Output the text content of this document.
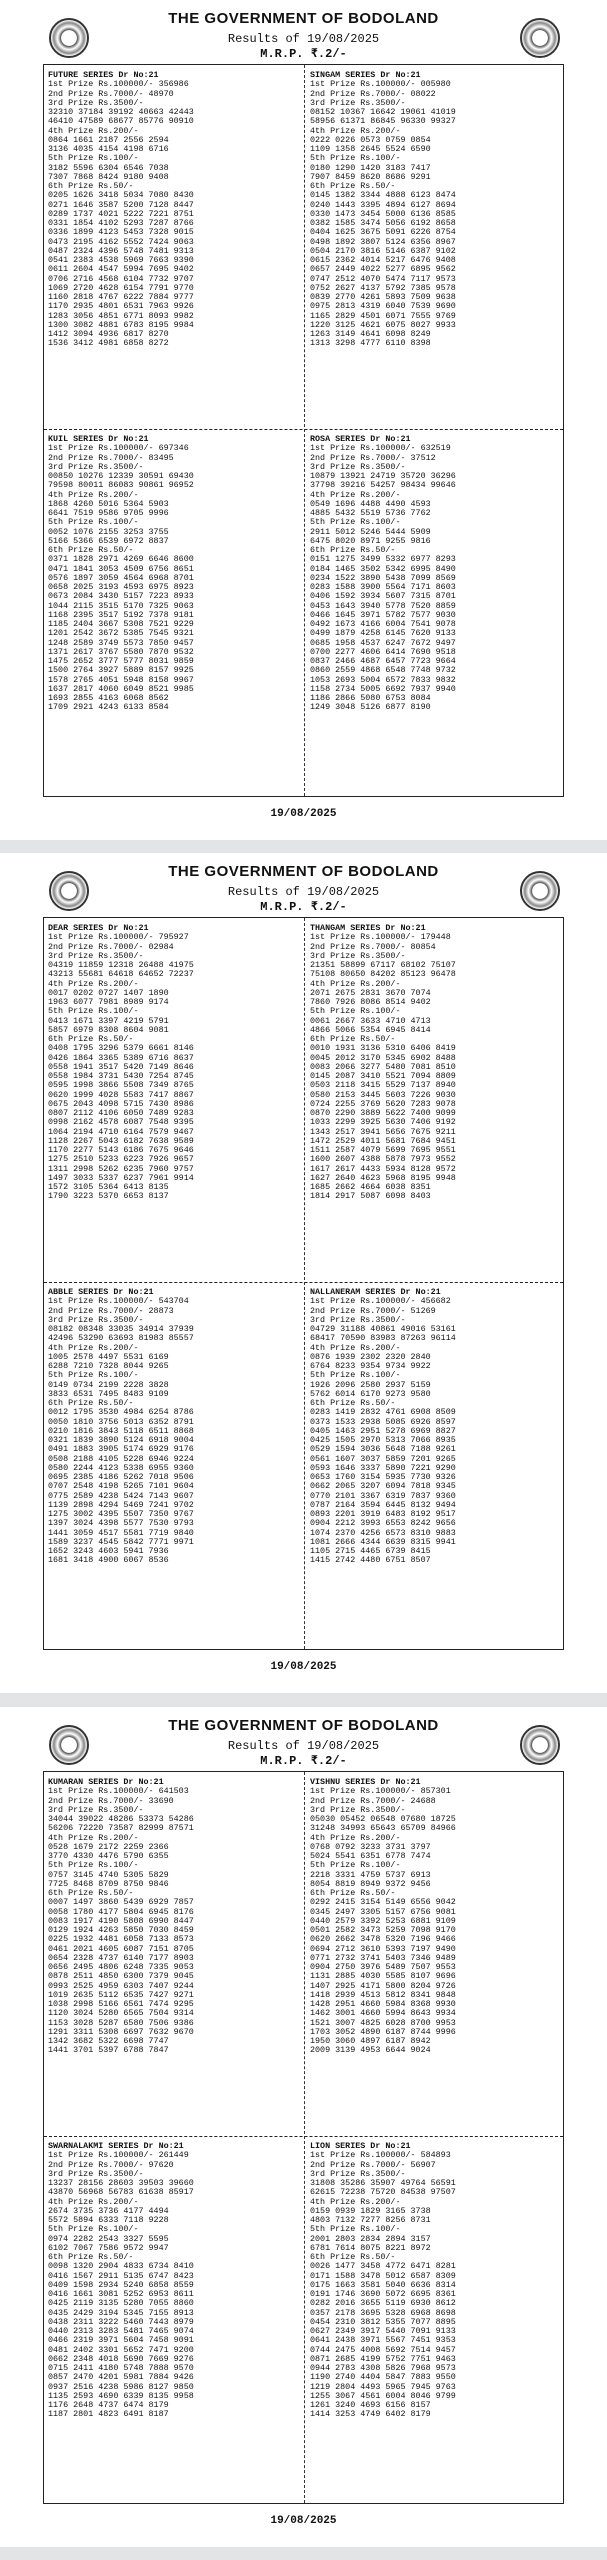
THE GOVERNMENT OF BODOLAND
Results of 19/08/2025
M.R.P. ₹.2/-
FUTURE SERIES Dr No:21
1st Prize Rs.100000/- 356986
2nd Prize Rs.7000/- 48970
3rd Prize Rs.3500/-
32310 37184 39192 40663 42443
46410 47589 68677 85776 90910
4th Prize Rs.200/-
0864 1661 2187 2556 2594
3136 4035 4154 4198 6716
5th Prize Rs.100/-
3182 5596 6304 6546 7038
7307 7868 8424 9180 9408
6th Prize Rs.50/-
0205 1626 3418 5034 7080 8430
0271 1646 3587 5200 7128 8447
0289 1737 4021 5222 7221 8751
0331 1854 4102 5293 7287 8766
0336 1899 4123 5453 7328 9015
0473 2195 4162 5552 7424 9063
0487 2324 4396 5748 7481 9313
0541 2383 4538 5969 7663 9390
0611 2604 4547 5994 7695 9402
0706 2716 4568 6104 7732 9707
1069 2720 4628 6154 7791 9770
1160 2818 4767 6222 7884 9777
1170 2935 4801 6531 7963 9926
1283 3056 4851 6771 8093 9982
1300 3082 4881 6783 8195 9984
1412 3094 4936 6817 8270
1536 3412 4981 6858 8272
SINGAM SERIES Dr No:21
1st Prize Rs.100000/- 005980
2nd Prize Rs.7000/- 08022
3rd Prize Rs.3500/-
08152 10367 16642 19061 41019
58956 61371 86845 96330 99327
4th Prize Rs.200/-
0222 0226 0573 0759 0854
1109 1358 2645 5524 6590
5th Prize Rs.100/-
0180 1290 1420 3183 7417
7907 8459 8620 8686 9291
6th Prize Rs.50/-
0145 1382 3344 4888 6123 8474
0240 1443 3395 4894 6127 8694
0330 1473 3454 5000 6136 8585
0382 1585 3474 5056 6192 8658
0404 1625 3675 5091 6226 8754
0498 1892 3807 5124 6356 8967
0504 2170 3816 5146 6387 9102
0615 2362 4014 5217 6476 9408
0657 2449 4022 5277 6895 9562
0747 2512 4070 5474 7117 9573
0752 2627 4137 5792 7385 9578
0839 2770 4261 5893 7509 9638
0975 2813 4319 6040 7539 9690
1165 2829 4501 6071 7555 9769
1220 3125 4621 6075 8027 9933
1263 3149 4641 6098 8249
1313 3298 4777 6110 8398
KUIL SERIES Dr No:21
1st Prize Rs.100000/- 697346
2nd Prize Rs.7000/- 83495
3rd Prize Rs.3500/-
00850 10276 12339 30591 69430
79598 80011 86083 90861 96952
4th Prize Rs.200/-
1868 4260 5016 5364 5903
6641 7519 9586 9705 9996
5th Prize Rs.100/-
0052 1076 2155 3253 3755
5166 5366 6539 6972 8837
6th Prize Rs.50/-
0371 1828 2971 4269 6646 8600
0471 1841 3053 4509 6756 8651
0576 1897 3059 4564 6968 8701
0658 2025 3193 4593 6975 8923
0673 2084 3430 5157 7223 8933
1044 2115 3515 5170 7325 9063
1168 2395 3517 5192 7378 9181
1185 2404 3667 5308 7521 9229
1201 2542 3672 5385 7545 9321
1248 2589 3749 5573 7850 9457
1371 2617 3767 5580 7870 9532
1475 2652 3777 5777 8031 9859
1500 2764 3927 5889 8157 9925
1578 2765 4051 5948 8158 9967
1637 2817 4060 6049 8521 9985
1693 2855 4163 6068 8562
1709 2921 4243 6133 8584
ROSA SERIES Dr No:21
1st Prize Rs.100000/- 632519
2nd Prize Rs.7000/- 37512
3rd Prize Rs.3500/-
10879 13921 24719 35720 36296
37798 39216 54257 98434 99646
4th Prize Rs.200/-
0549 1696 4488 4490 4593
4885 5432 5519 5736 7762
5th Prize Rs.100/-
2911 5012 5246 5444 5909
6475 8020 8971 9255 9816
6th Prize Rs.50/-
0151 1275 3499 5332 6977 8293
0184 1465 3502 5342 6995 8490
0234 1522 3890 5438 7099 8569
0283 1588 3900 5564 7171 8603
0406 1592 3934 5607 7315 8701
0453 1643 3940 5778 7520 8859
0466 1645 3971 5782 7577 9030
0492 1673 4166 6004 7541 9078
0499 1879 4258 6145 7620 9133
0685 1958 4537 6247 7672 9497
0700 2277 4606 6414 7690 9518
0837 2466 4687 6457 7723 9664
0860 2559 4868 6548 7748 9732
1053 2693 5004 6572 7833 9832
1158 2734 5005 6692 7937 9940
1186 2866 5080 6753 8084
1249 3048 5126 6877 8190
19/08/2025
THE GOVERNMENT OF BODOLAND
Results of 19/08/2025
M.R.P. ₹.2/-
DEAR SERIES Dr No:21
1st Prize Rs.100000/- 795927
2nd Prize Rs.7000/- 02984
3rd Prize Rs.3500/-
04319 11859 12318 26488 41975
43213 55681 64618 64652 72237
4th Prize Rs.200/-
0017 0202 0727 1407 1890
1963 6077 7981 8989 9174
5th Prize Rs.100/-
0413 1671 3397 4219 5791
5857 6979 8308 8604 9081
6th Prize Rs.50/-
0408 1795 3296 5379 6661 8146
0426 1864 3365 5389 6716 8637
0558 1941 3517 5420 7149 8646
0558 1984 3731 5430 7254 8745
0595 1998 3866 5508 7349 8765
0620 1999 4028 5583 7417 8867
0675 2043 4098 5715 7430 8986
0807 2112 4106 6050 7489 9283
0998 2162 4578 6087 7548 9395
1064 2194 4710 6164 7579 9467
1128 2267 5043 6182 7638 9589
1170 2277 5143 6186 7675 9646
1275 2510 5233 6223 7926 9657
1311 2998 5262 6235 7960 9757
1497 3033 5337 6237 7961 9914
1572 3105 5364 6413 8135
1790 3223 5370 6653 8137
THANGAM SERIES Dr No:21
1st Prize Rs.100000/- 179448
2nd Prize Rs.7000/- 80854
3rd Prize Rs.3500/-
21351 58899 67117 68102 75107
75108 80650 84202 85123 96478
4th Prize Rs.200/-
2071 2675 2831 3670 7074
7860 7926 8086 8514 9402
5th Prize Rs.100/-
0061 2667 3633 4710 4713
4866 5066 5354 6945 8414
6th Prize Rs.50/-
0010 1931 3136 5310 6406 8419
0045 2012 3170 5345 6902 8488
0083 2066 3277 5480 7081 8510
0145 2087 3410 5521 7094 8809
0503 2118 3415 5529 7137 8940
0580 2153 3445 5603 7226 9030
0724 2255 3769 5620 7283 9078
0870 2290 3889 5622 7400 9099
1033 2299 3925 5630 7406 9192
1343 2517 3941 5656 7675 9211
1472 2529 4011 5681 7684 9451
1511 2587 4079 5699 7695 9551
1600 2607 4388 5878 7973 9552
1617 2617 4433 5934 8128 9572
1627 2640 4623 5968 8195 9948
1685 2662 4664 6038 8351
1814 2917 5087 6098 8403
ABBLE SERIES Dr No:21
1st Prize Rs.100000/- 543704
2nd Prize Rs.7000/- 28873
3rd Prize Rs.3500/-
08182 08348 33035 34914 37939
42496 53290 63693 81983 85557
4th Prize Rs.200/-
1005 2578 4497 5531 6169
6288 7210 7328 8044 9265
5th Prize Rs.100/-
0149 0734 2199 2228 3828
3833 6531 7495 8483 9109
6th Prize Rs.50/-
0012 1795 3530 4984 6254 8786
0050 1810 3756 5013 6352 8791
0210 1816 3843 5118 6511 8868
0321 1839 3890 5124 6918 9004
0491 1883 3905 5174 6929 9176
0508 2188 4105 5228 6946 9224
0580 2244 4123 5338 6955 9360
0695 2385 4186 5262 7018 9506
0707 2548 4198 5265 7101 9604
0775 2589 4238 5424 7143 9607
1139 2898 4294 5469 7241 9702
1275 3002 4395 5507 7350 9767
1397 3024 4398 5577 7530 9793
1441 3059 4517 5581 7719 9840
1589 3237 4545 5842 7771 9971
1652 3243 4603 5941 7936
1681 3418 4900 6067 8536
NALLANERAM SERIES Dr No:21
1st Prize Rs.100000/- 456682
2nd Prize Rs.7000/- 51269
3rd Prize Rs.3500/-
04729 31188 40861 49016 53161
68417 70590 83983 87263 96114
4th Prize Rs.200/-
0876 1939 2302 2320 2840
6764 8233 9354 9734 9922
5th Prize Rs.100/-
1926 2096 2580 2937 5159
5762 6014 6170 9273 9580
6th Prize Rs.50/-
0283 1419 2832 4761 6908 8509
0373 1533 2938 5085 6926 8597
0405 1463 2951 5278 6969 8827
0425 1505 2970 5313 7066 8935
0529 1594 3036 5648 7188 9261
0561 1607 3037 5859 7201 9265
0593 1646 3337 5890 7221 9290
0653 1760 3154 5935 7730 9326
0662 2065 3207 6094 7818 9345
0770 2101 3367 6319 7837 9360
0787 2164 3594 6445 8132 9494
0893 2201 3919 6483 8192 9517
0904 2212 3993 6553 8242 9656
1074 2370 4256 6573 8310 9883
1081 2666 4344 6639 8315 9941
1105 2715 4465 6739 8415
1415 2742 4480 6751 8507
19/08/2025
THE GOVERNMENT OF BODOLAND
Results of 19/08/2025
M.R.P. ₹.2/-
KUMARAN SERIES Dr No:21
1st Prize Rs.100000/- 641503
2nd Prize Rs.7000/- 33690
3rd Prize Rs.3500/-
34044 39022 48286 53373 54286
56206 72220 73587 82999 87571
4th Prize Rs.200/-
0528 1679 2172 2259 2366
3770 4330 4476 5790 6355
5th Prize Rs.100/-
0757 3145 4740 5305 5829
7725 8468 8709 8750 9846
6th Prize Rs.50/-
0007 1497 3860 5439 6929 7857
0058 1780 4177 5804 6945 8176
0083 1917 4190 5808 6990 8447
0129 1924 4263 5850 7030 8459
0225 1932 4481 6058 7133 8573
0461 2021 4605 6087 7151 8705
0654 2328 4737 6140 7177 8903
0656 2495 4806 6248 7335 9053
0878 2511 4850 6300 7379 9045
0993 2525 4959 6303 7407 9244
1019 2635 5112 6535 7427 9271
1038 2998 5166 6561 7474 9295
1120 3024 5280 6565 7504 9314
1153 3028 5287 6580 7506 9386
1291 3311 5308 6697 7632 9670
1342 3682 5322 6698 7747
1441 3701 5397 6788 7847
VISHNU SERIES Dr No:21
1st Prize Rs.100000/- 857301
2nd Prize Rs.7000/- 24688
3rd Prize Rs.3500/-
05030 05452 06548 07680 18725
31248 34993 65643 65709 84966
4th Prize Rs.200/-
0768 0792 3233 3731 3797
5024 5541 6351 6778 7474
5th Prize Rs.100/-
2218 3331 4759 5737 6913
8054 8819 8949 9372 9456
6th Prize Rs.50/-
0292 2415 3154 5149 6556 9042
0345 2497 3305 5157 6756 9081
0440 2579 3392 5253 6881 9109
0501 2582 3473 5259 7098 9170
0620 2662 3478 5320 7196 9466
0694 2712 3610 5393 7197 9490
0771 2732 3741 5403 7346 9489
0904 2750 3976 5489 7507 9553
1131 2885 4030 5585 8107 9696
1407 2925 4171 5800 8204 9726
1418 2939 4513 5812 8341 9848
1428 2951 4660 5984 8368 9930
1462 3001 4660 5994 8643 9934
1521 3007 4825 6028 8700 9953
1703 3052 4890 6187 8744 9996
1950 3060 4897 6187 8942
2009 3139 4953 6644 9024
SWARNALAKMI SERIES Dr No:21
1st Prize Rs.100000/- 261449
2nd Prize Rs.7000/- 97620
3rd Prize Rs.3500/-
13237 28156 28603 39503 39660
43870 56968 56783 61638 85917
4th Prize Rs.200/-
2674 3735 3736 4177 4494
5572 5894 6333 7118 9228
5th Prize Rs.100/-
0974 2282 2543 3327 5595
6102 7067 7586 9572 9947
6th Prize Rs.50/-
0098 1320 2904 4833 6734 8410
0416 1567 2911 5135 6747 8423
0409 1598 2934 5240 6858 8559
0416 1661 3081 5252 6953 8611
0425 2119 3135 5280 7055 8860
0435 2429 3194 5345 7155 8913
0438 2311 3222 5460 7443 8979
0440 2313 3283 5481 7465 9074
0466 2319 3971 5604 7458 9091
0481 2402 3301 5652 7471 9200
0662 2348 4018 5690 7669 9276
0715 2411 4180 5748 7888 9570
0857 2470 4201 5981 7884 9426
0937 2516 4238 5986 8127 9850
1135 2593 4690 6339 8135 9958
1176 2648 4737 6474 8179
1187 2801 4823 6491 8187
LION SERIES Dr No:21
1st Prize Rs.100000/- 584893
2nd Prize Rs.7000/- 56907
3rd Prize Rs.3500/-
31808 35286 35907 49764 56591
62615 72238 75720 84538 97507
4th Prize Rs.200/-
0159 0939 1829 3165 3738
4803 7132 7277 8256 8731
5th Prize Rs.100/-
2001 2803 2834 2894 3157
6781 7614 8075 8221 8972
6th Prize Rs.50/-
0026 1477 3458 4772 6471 8281
0171 1588 3478 5012 6587 8309
0175 1663 3581 5040 6636 8314
0191 1746 3690 5072 6695 8361
0282 2016 3655 5119 6930 8612
0357 2178 3695 5328 6968 8698
0454 2310 3812 5355 7077 8895
0627 2349 3917 5440 7091 9133
0641 2438 3971 5567 7451 9353
0744 2475 4008 5692 7514 9457
0871 2685 4199 5752 7751 9463
0944 2783 4308 5826 7968 9573
1190 2740 4404 5847 7883 9550
1219 2804 4493 5965 7945 9763
1255 3067 4561 6004 8046 9799
1261 3240 4693 6156 8157
1414 3253 4749 6402 8179
19/08/2025
